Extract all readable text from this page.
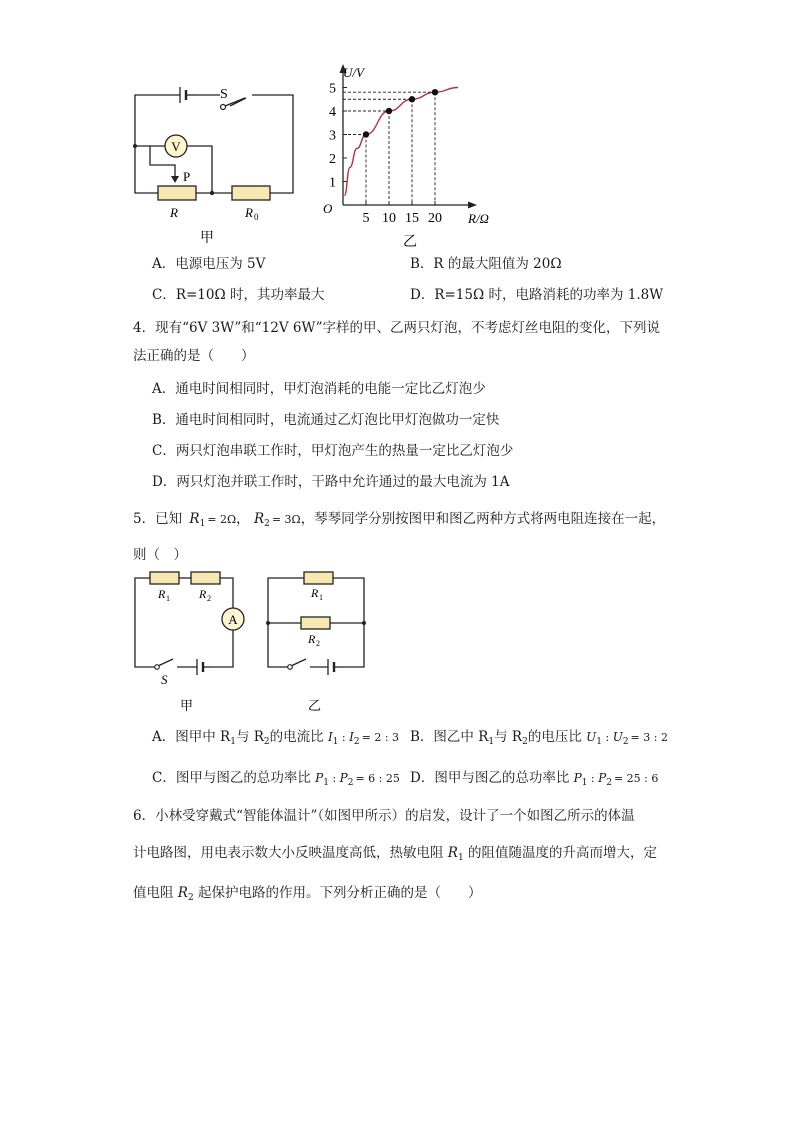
V
S
P
R	R 0
甲
1
2
3
4
5
5 10 15 20
U/V
R/Ω
O
乙
A．电源电压为 5V	B．R 的最大阻值为 20Ω
C．R=10Ω 时，其功率最大	D．R=15Ω 时，电路消耗的功率为 1.8W
4．现有“6V 3W”和“12V 6W”字样的甲、乙两只灯泡，不考虑灯丝电阻的变化，下列说
法正确的是（　　）
A．通电时间相同时，甲灯泡消耗的电能一定比乙灯泡少
B．通电时间相同时，电流通过乙灯泡比甲灯泡做功一定快
C．两只灯泡串联工作时，甲灯泡产生的热量一定比乙灯泡少
D．两只灯泡并联工作时，干路中允许通过的最大电流为 1A
5．已知 $R_1 = 2\Omega$， $R_2 = 3\Omega$，琴琴同学分别按图甲和图乙两种方式将两电阻连接在一起，
则（　）
A
R 1 R 2
S
甲
R 1
R 2
乙
A．图甲中 $R_1$与 $R_2$的电流比 $I_1$ : $I_2 = 2$ : 3 B．图乙中 $R_1$与 $R_2$的电压比 $U_1$ : $U_2 = 3$ : 2
C．图甲与图乙的总功率比 $P_1$ : $P_2 = 6$ : 25 D．图甲与图乙的总功率比 $P_1$ : $P_2 = 25$ : 6
6．小林受穿戴式“智能体温计”（如图甲所示）的启发，设计了一个如图乙所示的体温
计电路图，用电表示数大小反映温度高低，热敏电阻 $R_1$ 的阻值随温度的升高而增大，定
值电阻 $R_2$ 起保护电路的作用。下列分析正确的是（　　）
